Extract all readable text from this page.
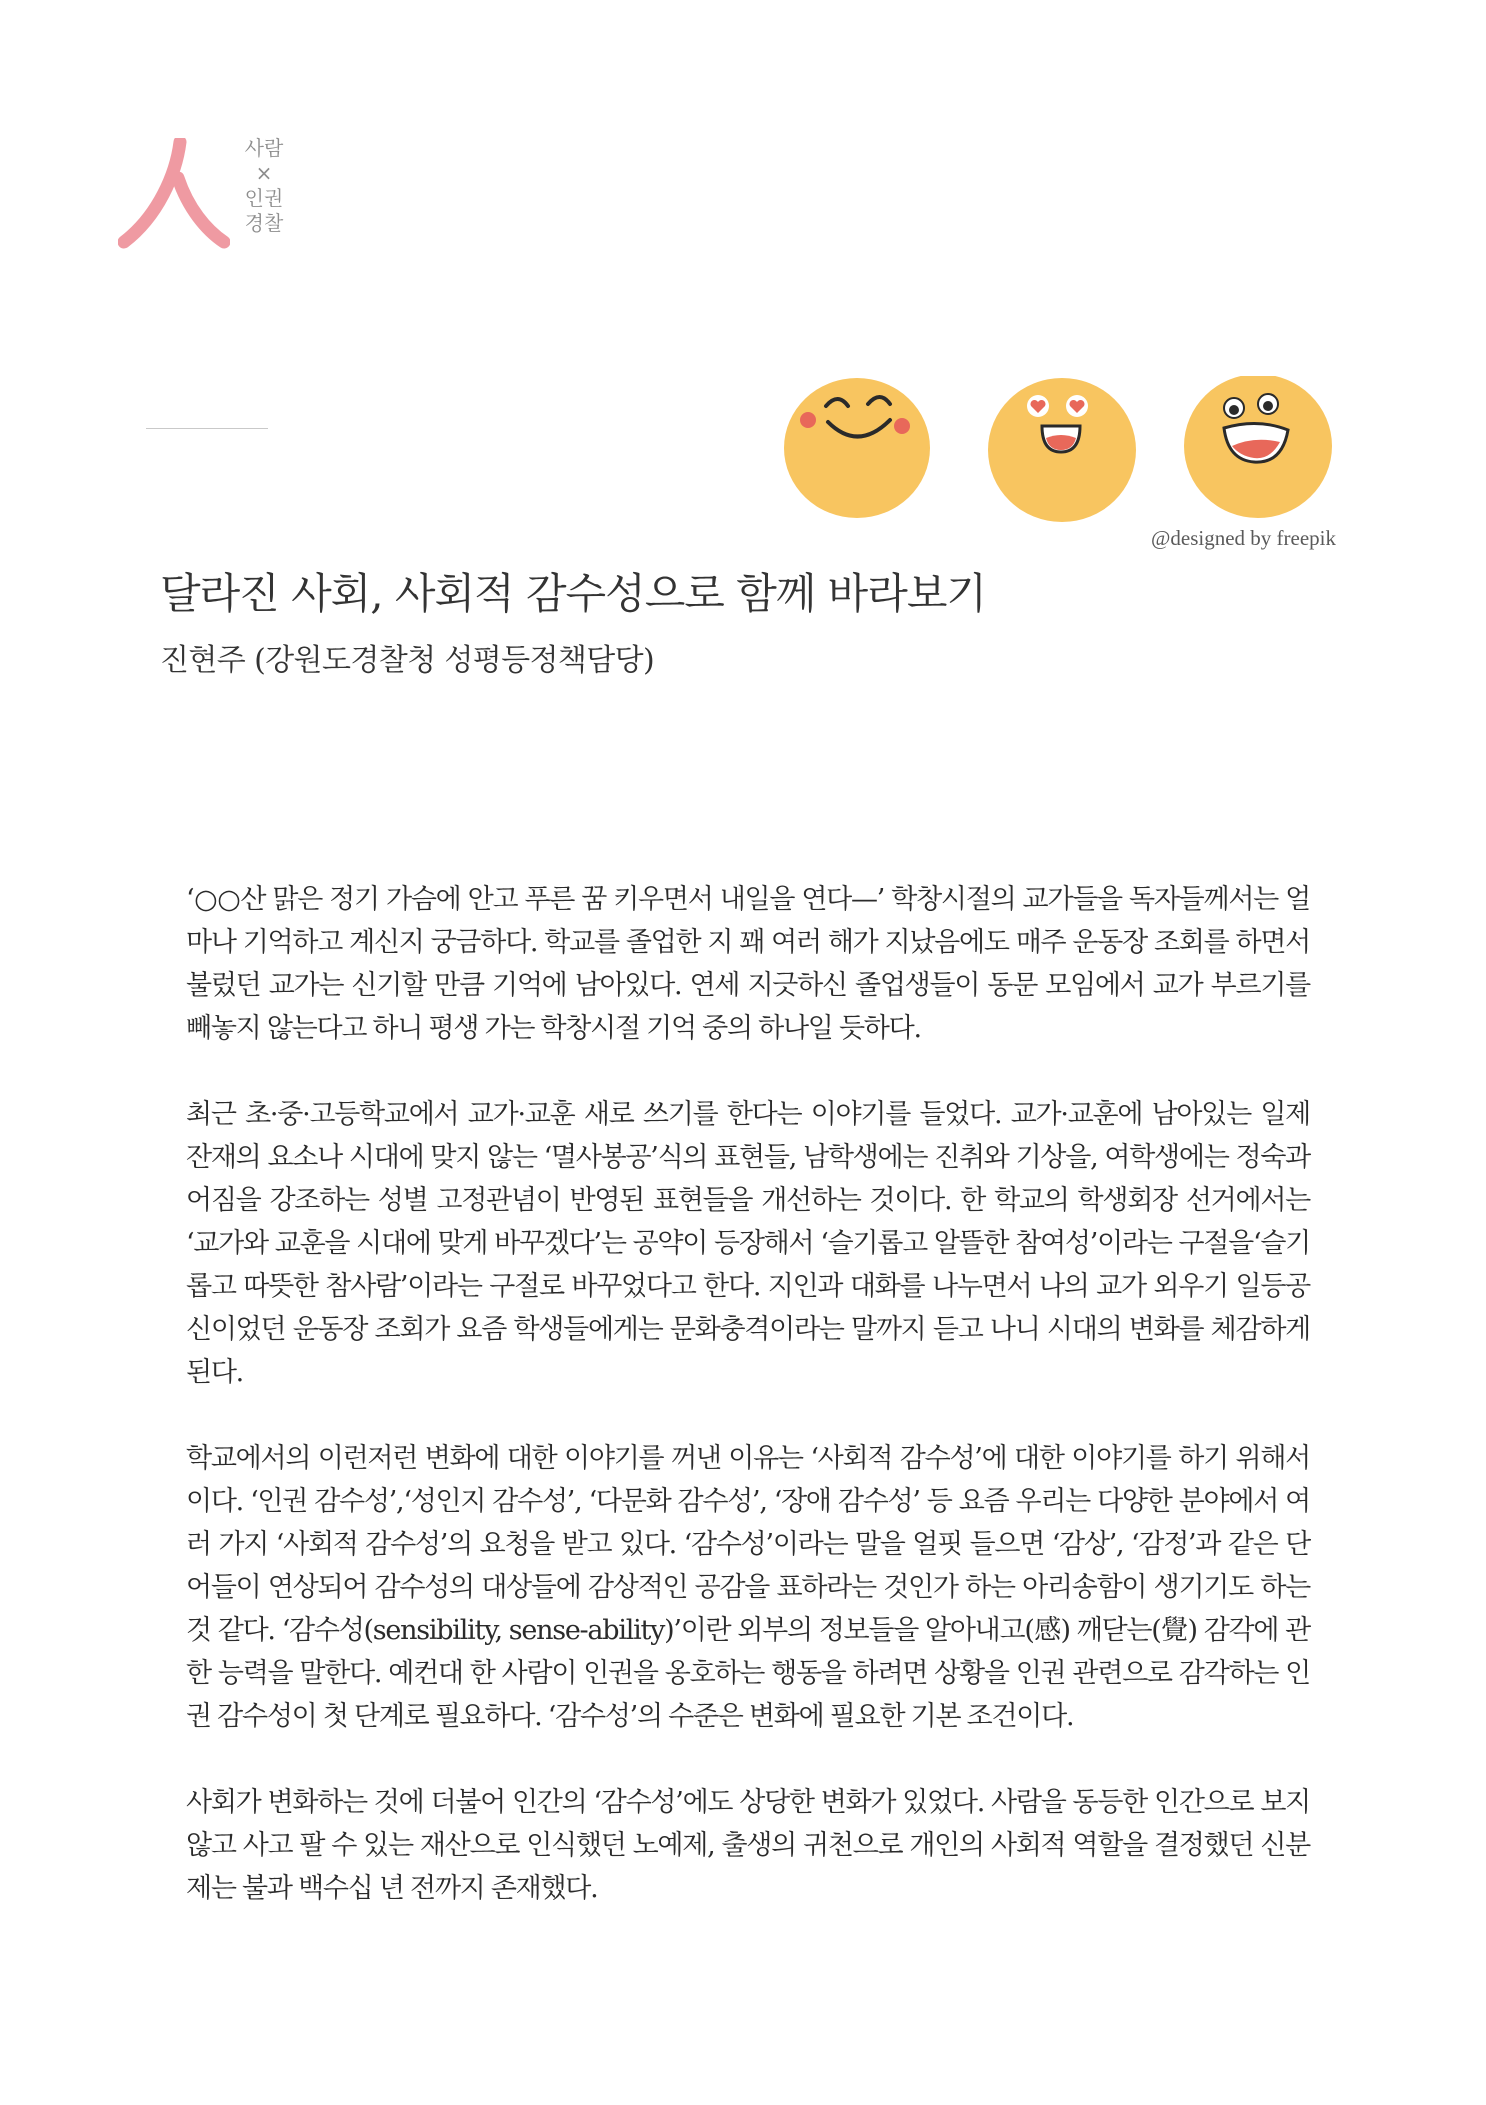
사람
×
인권
경찰
@designed by freepik
달라진 사회, 사회적 감수성으로 함께 바라보기

진현주 (강원도경찰청 성평등정책담당)

‘○○산 맑은 정기 가슴에 안고 푸른 꿈 키우면서 내일을 연다—’ 학창시절의 교가들을 독자들께서는 얼마나 기억하고 계신지 궁금하다. 학교를 졸업한 지 꽤 여러 해가 지났음에도 매주 운동장 조회를 하면서 불렀던 교가는 신기할 만큼 기억에 남아있다. 연세 지긋하신 졸업생들이 동문 모임에서 교가 부르기를 빼놓지 않는다고 하니 평생 가는 학창시절 기억 중의 하나일 듯하다.

최근 초·중·고등학교에서 교가·교훈 새로 쓰기를 한다는 이야기를 들었다. 교가·교훈에 남아있는 일제 잔재의 요소나 시대에 맞지 않는 ‘멸사봉공’식의 표현들, 남학생에는 진취와 기상을, 여학생에는 정숙과 어짐을 강조하는 성별 고정관념이 반영된 표현들을 개선하는 것이다. 한 학교의 학생회장 선거에서는 ‘교가와 교훈을 시대에 맞게 바꾸겠다’는 공약이 등장해서 ‘슬기롭고 알뜰한 참여성’이라는 구절을‘슬기롭고 따뜻한 참사람’이라는 구절로 바꾸었다고 한다. 지인과 대화를 나누면서 나의 교가 외우기 일등공신이었던 운동장 조회가 요즘 학생들에게는 문화충격이라는 말까지 듣고 나니 시대의 변화를 체감하게 된다.

학교에서의 이런저런 변화에 대한 이야기를 꺼낸 이유는 ‘사회적 감수성’에 대한 이야기를 하기 위해서이다. ‘인권 감수성’,‘성인지 감수성’, ‘다문화 감수성’, ‘장애 감수성’ 등 요즘 우리는 다양한 분야에서 여러 가지 ‘사회적 감수성’의 요청을 받고 있다. ‘감수성’이라는 말을 얼핏 들으면 ‘감상’, ‘감정’과 같은 단어들이 연상되어 감수성의 대상들에 감상적인 공감을 표하라는 것인가 하는 아리송함이 생기기도 하는 것 같다. ‘감수성(sensibility, sense-ability)’이란 외부의 정보들을 알아내고(感) 깨닫는(覺) 감각에 관한 능력을 말한다. 예컨대 한 사람이 인권을 옹호하는 행동을 하려면 상황을 인권 관련으로 감각하는 인권 감수성이 첫 단계로 필요하다. ‘감수성’의 수준은 변화에 필요한 기본 조건이다.

사회가 변화하는 것에 더불어 인간의 ‘감수성’에도 상당한 변화가 있었다. 사람을 동등한 인간으로 보지 않고 사고 팔 수 있는 재산으로 인식했던 노예제, 출생의 귀천으로 개인의 사회적 역할을 결정했던 신분제는 불과 백수십 년 전까지 존재했다.
